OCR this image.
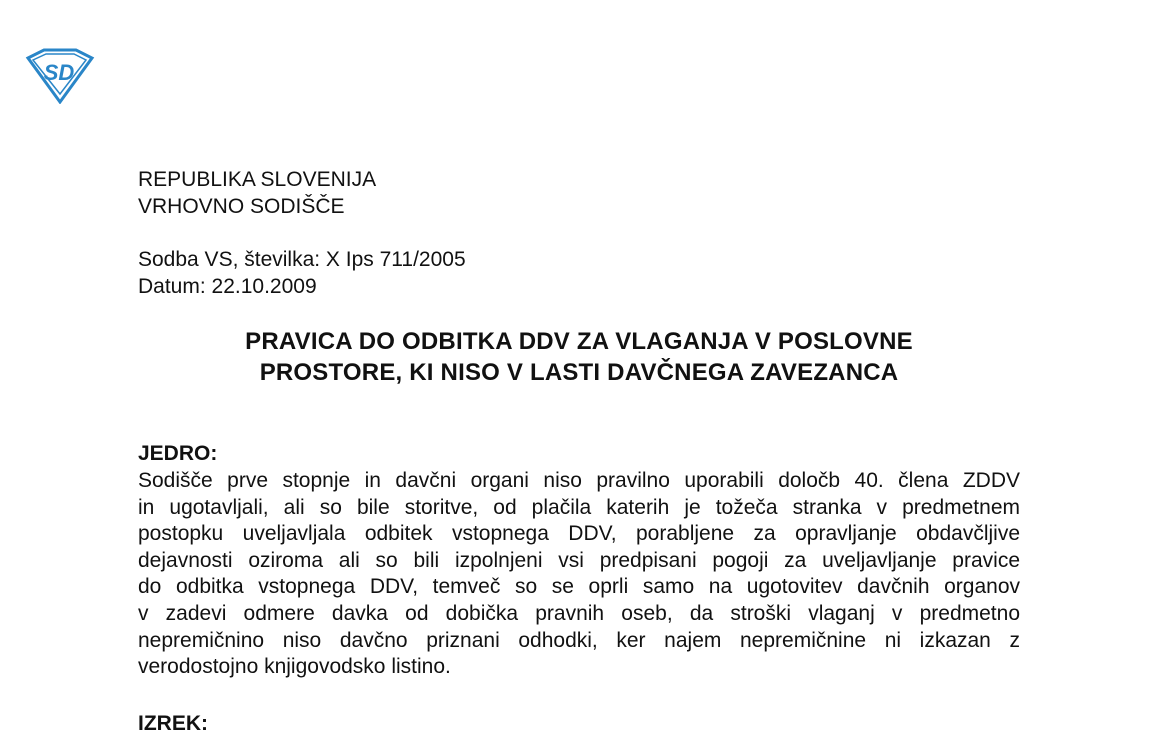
SD
REPUBLIKA SLOVENIJA
VRHOVNO SODIŠČE
Sodba VS, številka: X Ips 711/2005
Datum: 22.10.2009
PRAVICA DO ODBITKA DDV ZA VLAGANJA V POSLOVNE
PROSTORE, KI NISO V LASTI DAVČNEGA ZAVEZANCA
JEDRO:
Sodišče prve stopnje in davčni organi niso pravilno uporabili določb 40. člena ZDDV
in ugotavljali, ali so bile storitve, od plačila katerih je tožeča stranka v predmetnem
postopku uveljavljala odbitek vstopnega DDV, porabljene za opravljanje obdavčljive
dejavnosti oziroma ali so bili izpolnjeni vsi predpisani pogoji za uveljavljanje pravice
do odbitka vstopnega DDV, temveč so se oprli samo na ugotovitev davčnih organov
v zadevi odmere davka od dobička pravnih oseb, da stroški vlaganj v predmetno
nepremičnino niso davčno priznani odhodki, ker najem nepremičnine ni izkazan z
verodostojno knjigovodsko listino.
IZREK:
